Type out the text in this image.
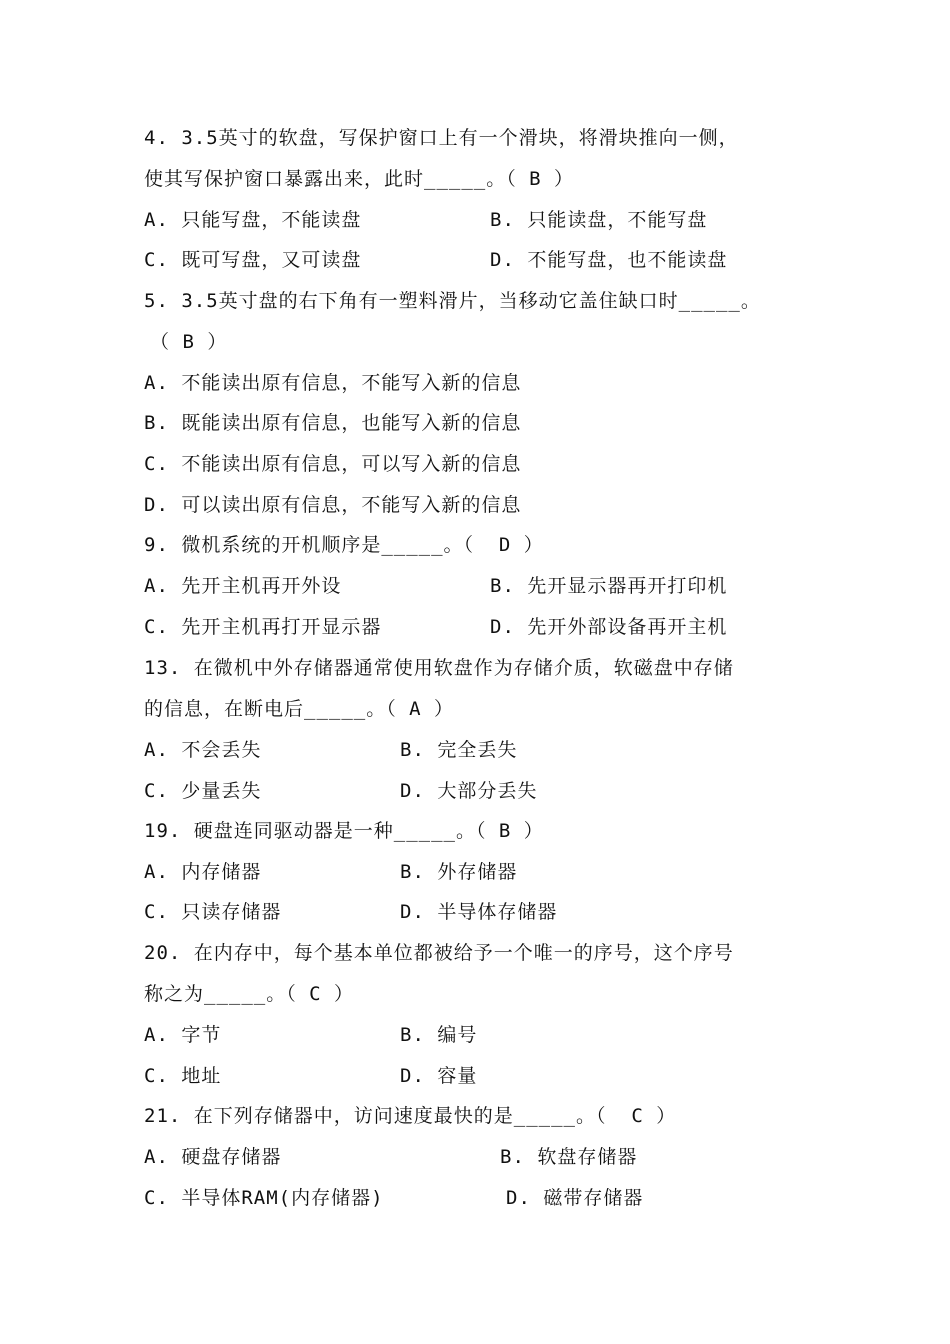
4. 3.5英寸的软盘，写保护窗口上有一个滑块，将滑块推向一侧，
使其写保护窗口暴露出来，此时_____。（ B ）
A. 只能写盘，不能读盘	B. 只能读盘，不能写盘
C. 既可写盘，又可读盘	D. 不能写盘，也不能读盘
5. 3.5英寸盘的右下角有一塑料滑片，当移动它盖住缺口时_____。
（ B ）
A. 不能读出原有信息，不能写入新的信息
B. 既能读出原有信息，也能写入新的信息
C. 不能读出原有信息，可以写入新的信息
D. 可以读出原有信息，不能写入新的信息
9. 微机系统的开机顺序是_____。（  D ）
A. 先开主机再开外设	B. 先开显示器再开打印机
C. 先开主机再打开显示器	D. 先开外部设备再开主机
13. 在微机中外存储器通常使用软盘作为存储介质，软磁盘中存储
的信息，在断电后_____。（ A ）
A. 不会丢失	B. 完全丢失
C. 少量丢失	D. 大部分丢失
19. 硬盘连同驱动器是一种_____。（ B ）
A. 内存储器	B. 外存储器
C. 只读存储器	D. 半导体存储器
20. 在内存中，每个基本单位都被给予一个唯一的序号，这个序号
称之为_____。（ C ）
A. 字节	B. 编号
C. 地址	D. 容量
21. 在下列存储器中，访问速度最快的是_____。（  C ）
A. 硬盘存储器	B. 软盘存储器
C. 半导体RAM(内存储器)	D. 磁带存储器
